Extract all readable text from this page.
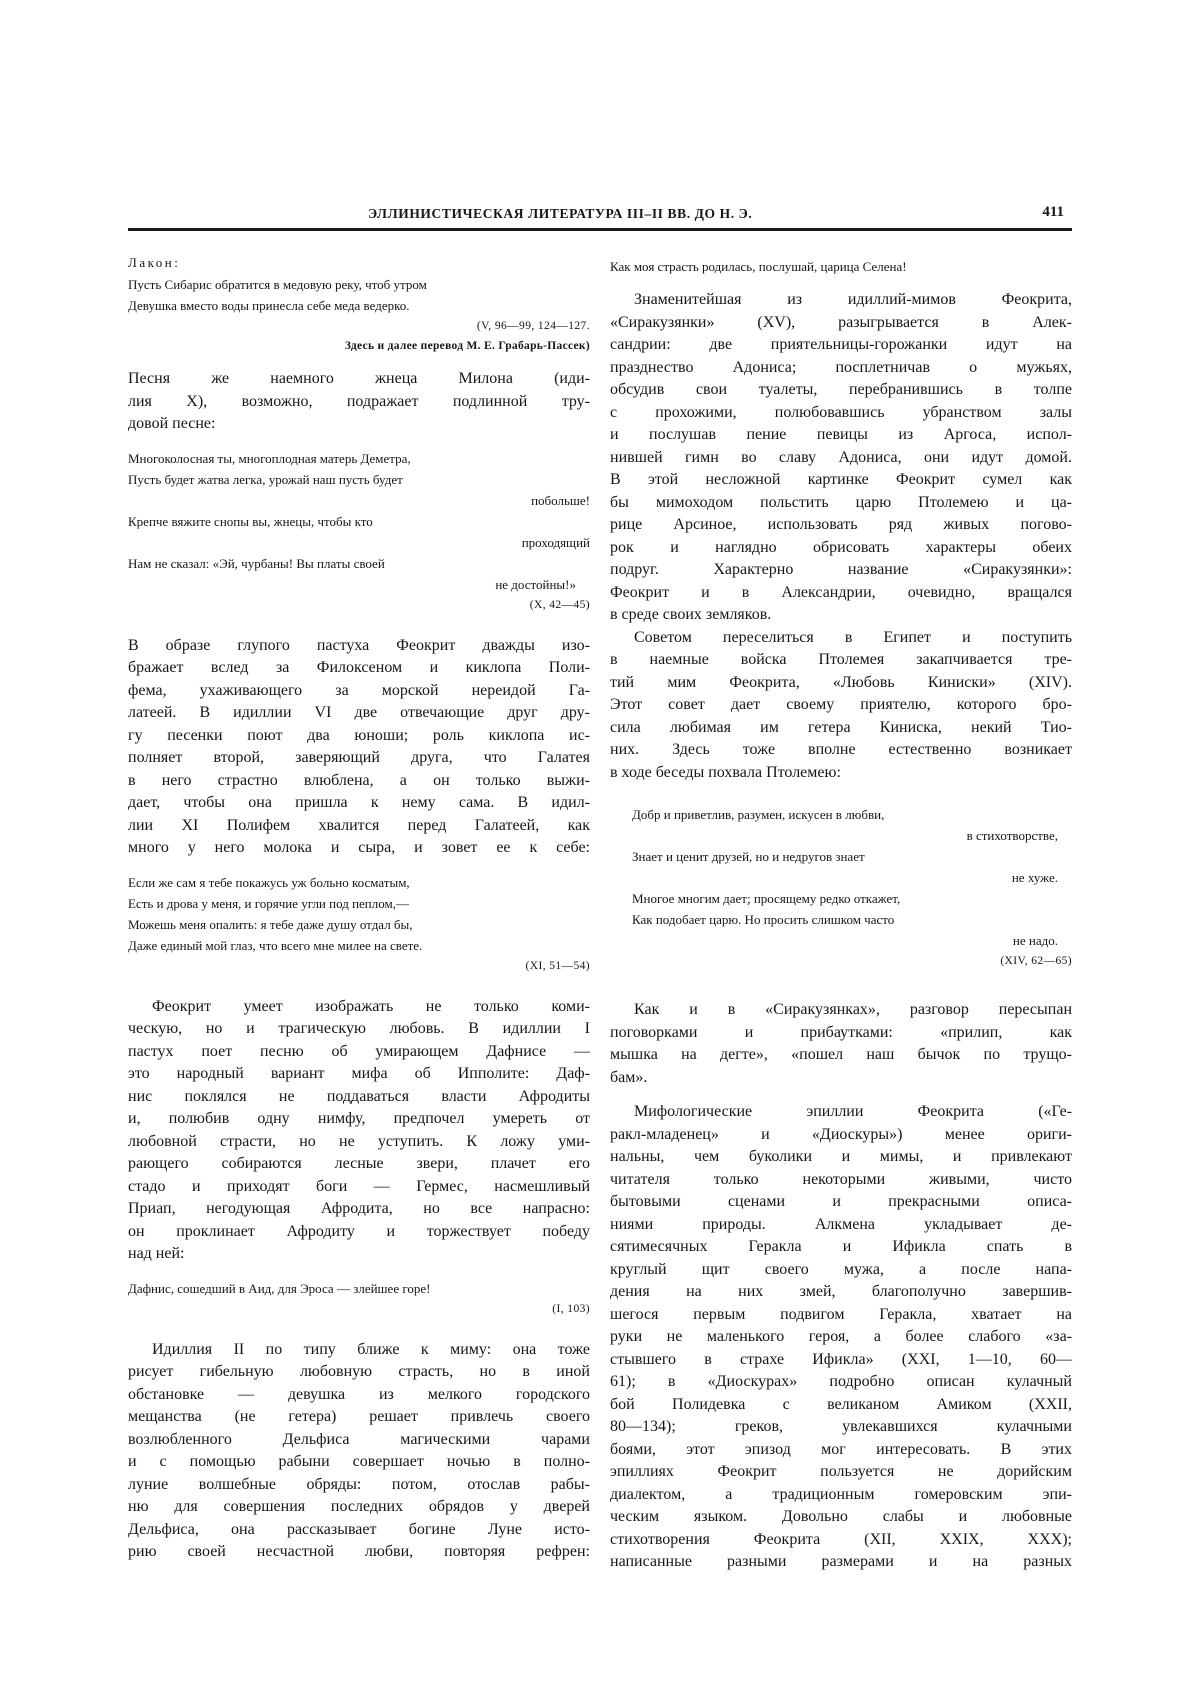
ЭЛЛИНИСТИЧЕСКАЯ ЛИТЕРАТУРА III–II ВВ. ДО Н. Э.	411
Лакон:
Пусть Сибарис обратится в медовую реку, чтоб утром
Девушка вместо воды принесла себе меда ведерко.
(V, 96—99, 124—127.
Здесь и далее перевод М. Е. Грабарь-Пассек)
Песня же наемного жнеца Милона (иди-
лия X), возможно, подражает подлинной тру-
довой песне:
Многоколосная ты, многоплодная матерь Деметра,
Пусть будет жатва легка, урожай наш пусть будет
побольше!
Крепче вяжите снопы вы, жнецы, чтобы кто
проходящий
Нам не сказал: «Эй, чурбаны! Вы платы своей
не достойны!»
(X, 42—45)
В образе глупого пастуха Феокрит дважды изо-
бражает вслед за Филоксеном и киклопа Поли-
фема, ухаживающего за морской нереидой Га-
латеей. В идиллии VI две отвечающие друг дру-
гу песенки поют два юноши; роль киклопа ис-
полняет второй, заверяющий друга, что Галатея
в него страстно влюблена, а он только выжи-
дает, чтобы она пришла к нему сама. В идил-
лии XI Полифем хвалится перед Галатеей, как
много у него молока и сыра, и зовет ее к себе:
Если же сам я тебе покажусь уж больно косматым,
Есть и дрова у меня, и горячие угли под пеплом,—
Можешь меня опалить: я тебе даже душу отдал бы,
Даже единый мой глаз, что всего мне милее на свете.
(XI, 51—54)
Феокрит умеет изображать не только коми-
ческую, но и трагическую любовь. В идиллии I
пастух поет песню об умирающем Дафнисе —
это народный вариант мифа об Ипполите: Даф-
нис поклялся не поддаваться власти Афродиты
и, полюбив одну нимфу, предпочел умереть от
любовной страсти, но не уступить. К ложу уми-
рающего собираются лесные звери, плачет его
стадо и приходят боги — Гермес, насмешливый
Приап, негодующая Афродита, но все напрасно:
он проклинает Афродиту и торжествует победу
над ней:
Дафнис, сошедший в Аид, для Эроса — злейшее горе!
(I, 103)
Идиллия II по типу ближе к миму: она тоже
рисует гибельную любовную страсть, но в иной
обстановке — девушка из мелкого городского
мещанства (не гетера) решает привлечь своего
возлюбленного Дельфиса магическими чарами
и с помощью рабыни совершает ночью в полно-
луние волшебные обряды: потом, отослав рабы-
ню для совершения последних обрядов у дверей
Дельфиса, она рассказывает богине Луне исто-
рию своей несчастной любви, повторяя рефрен:
Как моя страсть родилась, послушай, царица Селена!
Знаменитейшая из идиллий-мимов Феокрита,
«Сиракузянки» (XV), разыгрывается в Алек-
сандрии: две приятельницы-горожанки идут на
празднество Адониса; посплетничав о мужьях,
обсудив свои туалеты, перебранившись в толпе
с прохожими, полюбовавшись убранством залы
и послушав пение певицы из Аргоса, испол-
нившей гимн во славу Адониса, они идут домой.
В этой несложной картинке Феокрит сумел как
бы мимоходом польстить царю Птолемею и ца-
рице Арсиное, использовать ряд живых погово-
рок и наглядно обрисовать характеры обеих
подруг. Характерно название «Сиракузянки»:
Феокрит и в Александрии, очевидно, вращался
в среде своих земляков.
Советом переселиться в Египет и поступить
в наемные войска Птолемея закапчивается тре-
тий мим Феокрита, «Любовь Киниски» (XIV).
Этот совет дает своему приятелю, которого бро-
сила любимая им гетера Киниска, некий Тио-
них. Здесь тоже вполне естественно возникает
в ходе беседы похвала Птолемею:
Добр и приветлив, разумен, искусен в любви,
в стихотворстве,
Знает и ценит друзей, но и недругов знает
не хуже.
Многое многим дает; просящему редко откажет,
Как подобает царю. Но просить слишком часто
не надо.
(XIV, 62—65)
Как и в «Сиракузянках», разговор пересыпан
поговорками и прибаутками: «прилип, как
мышка на дегте», «пошел наш бычок по трущо-
бам».
Мифологические эпиллии Феокрита («Ге-
ракл-младенец» и «Диоскуры») менее ориги-
нальны, чем буколики и мимы, и привлекают
читателя только некоторыми живыми, чисто
бытовыми сценами и прекрасными описа-
ниями природы. Алкмена укладывает де-
сятимесячных Геракла и Ификла спать в
круглый щит своего мужа, а после напа-
дения на них змей, благополучно завершив-
шегося первым подвигом Геракла, хватает на
руки не маленького героя, а более слабого «за-
стывшего в страхе Ификла» (XXI, 1—10, 60—
61); в «Диоскурах» подробно описан кулачный
бой Полидевка с великаном Амиком (XXII,
80—134); греков, увлекавшихся кулачными
боями, этот эпизод мог интересовать. В этих
эпиллиях Феокрит пользуется не дорийским
диалектом, а традиционным гомеровским эпи-
ческим языком. Довольно слабы и любовные
стихотворения Феокрита (XII, XXIX, XXX);
написанные разными размерами и на разных
